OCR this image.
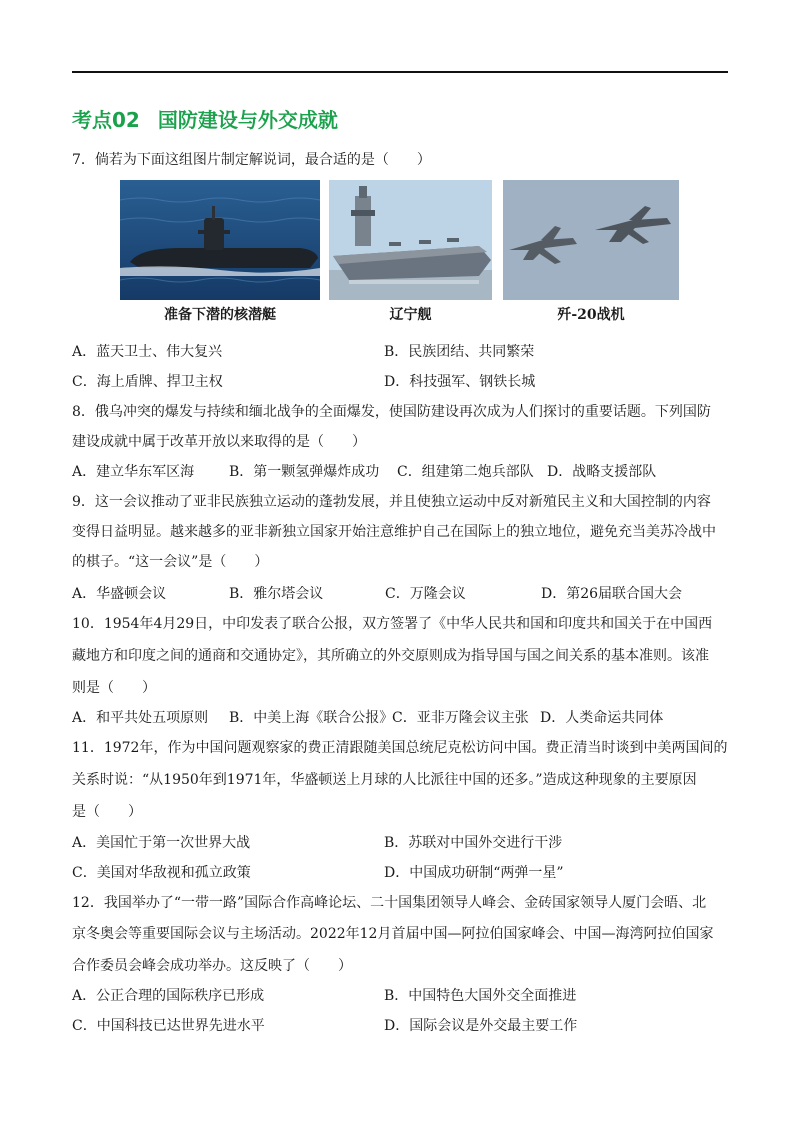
考点02 国防建设与外交成就
7．倘若为下面这组图片制定解说词，最合适的是（　　）
准备下潜的核潜艇	辽宁舰	歼-20战机
A．蓝天卫士、伟大复兴	B．民族团结、共同繁荣
C．海上盾牌、捍卫主权	D．科技强军、钢铁长城
8．俄乌冲突的爆发与持续和缅北战争的全面爆发，使国防建设再次成为人们探讨的重要话题。下列国防
建设成就中属于改革开放以来取得的是（　　）
A．建立华东军区海 B．第一颗氢弹爆炸成功 C．组建第二炮兵部队 D．战略支援部队
9．这一会议推动了亚非民族独立运动的蓬勃发展，并且使独立运动中反对新殖民主义和大国控制的内容
变得日益明显。越来越多的亚非新独立国家开始注意维护自己在国际上的独立地位，避免充当美苏冷战中
的棋子。“这一会议”是（　　）
A．华盛顿会议	B．雅尔塔会议	C．万隆会议	D．第26届联合国大会
10．1954年4月29日，中印发表了联合公报，双方签署了《中华人民共和国和印度共和国关于在中国西
藏地方和印度之间的通商和交通协定》，其所确立的外交原则成为指导国与国之间关系的基本准则。该准
则是（　　）
A．和平共处五项原则 B．中美上海《联合公报》
C．亚非万隆会议主张 D．人类命运共同体
11．1972年，作为中国问题观察家的费正清跟随美国总统尼克松访问中国。费正清当时谈到中美两国间的
关系时说：“从1950年到1971年，华盛顿送上月球的人比派往中国的还多。”造成这种现象的主要原因
是（　　）
A．美国忙于第一次世界大战	B．苏联对中国外交进行干涉
C．美国对华敌视和孤立政策	D．中国成功研制“两弹一星”
12．我国举办了“一带一路”国际合作高峰论坛、二十国集团领导人峰会、金砖国家领导人厦门会晤、北
京冬奥会等重要国际会议与主场活动。2022年12月首届中国—阿拉伯国家峰会、中国—海湾阿拉伯国家
合作委员会峰会成功举办。这反映了（　　）
A．公正合理的国际秩序已形成	B．中国特色大国外交全面推进
C．中国科技已达世界先进水平	D．国际会议是外交最主要工作
